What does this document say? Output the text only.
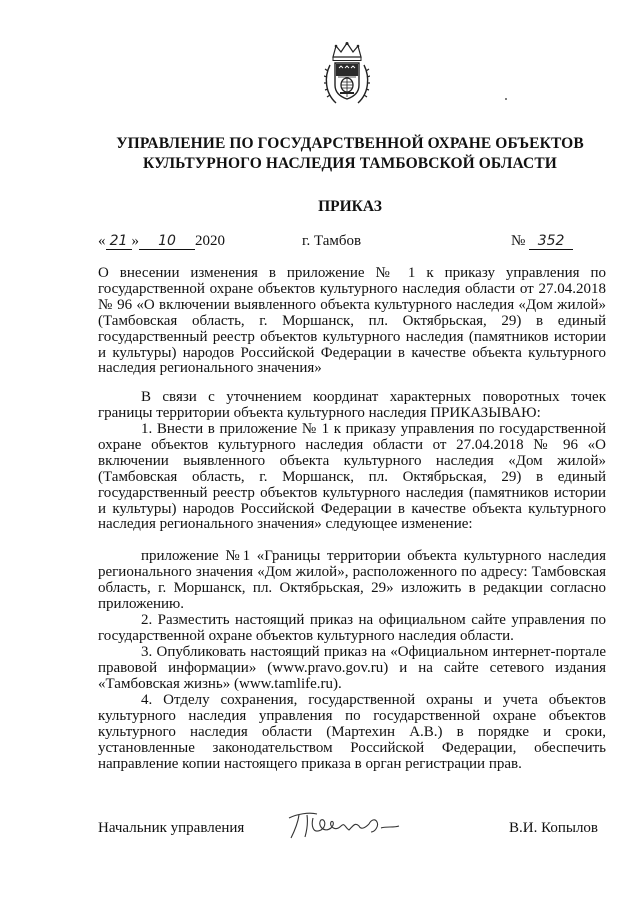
УПРАВЛЕНИЕ ПО ГОСУДАРСТВЕННОЙ ОХРАНЕ ОБЪЕКТОВ
КУЛЬТУРНОГО НАСЛЕДИЯ ТАМБОВСКОЙ ОБЛАСТИ
ПРИКАЗ
« 21 » 10 2020	г. Тамбов	№ 352
О внесении изменения в приложение № 1 к приказу управления по государственной охране объектов культурного наследия области от 27.04.2018 № 96 «О включении выявленного объекта культурного наследия «Дом жилой» (Тамбовская область, г. Моршанск, пл. Октябрьская, 29) в единый государственный реестр объектов культурного наследия (памятников истории и культуры) народов Российской Федерации в качестве объекта культурного наследия регионального значения»
В связи с уточнением координат характерных поворотных точек границы территории объекта культурного наследия ПРИКАЗЫВАЮ:
1. Внести в приложение № 1 к приказу управления по государственной охране объектов культурного наследия области от 27.04.2018 № 96 «О включении выявленного объекта культурного наследия «Дом жилой» (Тамбовская область, г. Моршанск, пл. Октябрьская, 29) в единый государственный реестр объектов культурного наследия (памятников истории и культуры) народов Российской Федерации в качестве объекта культурного наследия регионального значения» следующее изменение:
приложение №1 «Границы территории объекта культурного наследия регионального значения «Дом жилой», расположенного по адресу: Тамбовская область, г. Моршанск, пл. Октябрьская, 29» изложить в редакции согласно приложению.
2. Разместить настоящий приказ на официальном сайте управления по государственной охране объектов культурного наследия области.
3. Опубликовать настоящий приказ на «Официальном интернет-портале правовой информации» (www.pravo.gov.ru) и на сайте сетевого издания «Тамбовская жизнь» (www.tamlife.ru).
4. Отделу сохранения, государственной охраны и учета объектов культурного наследия управления по государственной охране объектов культурного наследия области (Мартехин А.В.) в порядке и сроки, установленные законодательством Российской Федерации, обеспечить направление копии настоящего приказа в орган регистрации прав.
Начальник управления	В.И. Копылов
